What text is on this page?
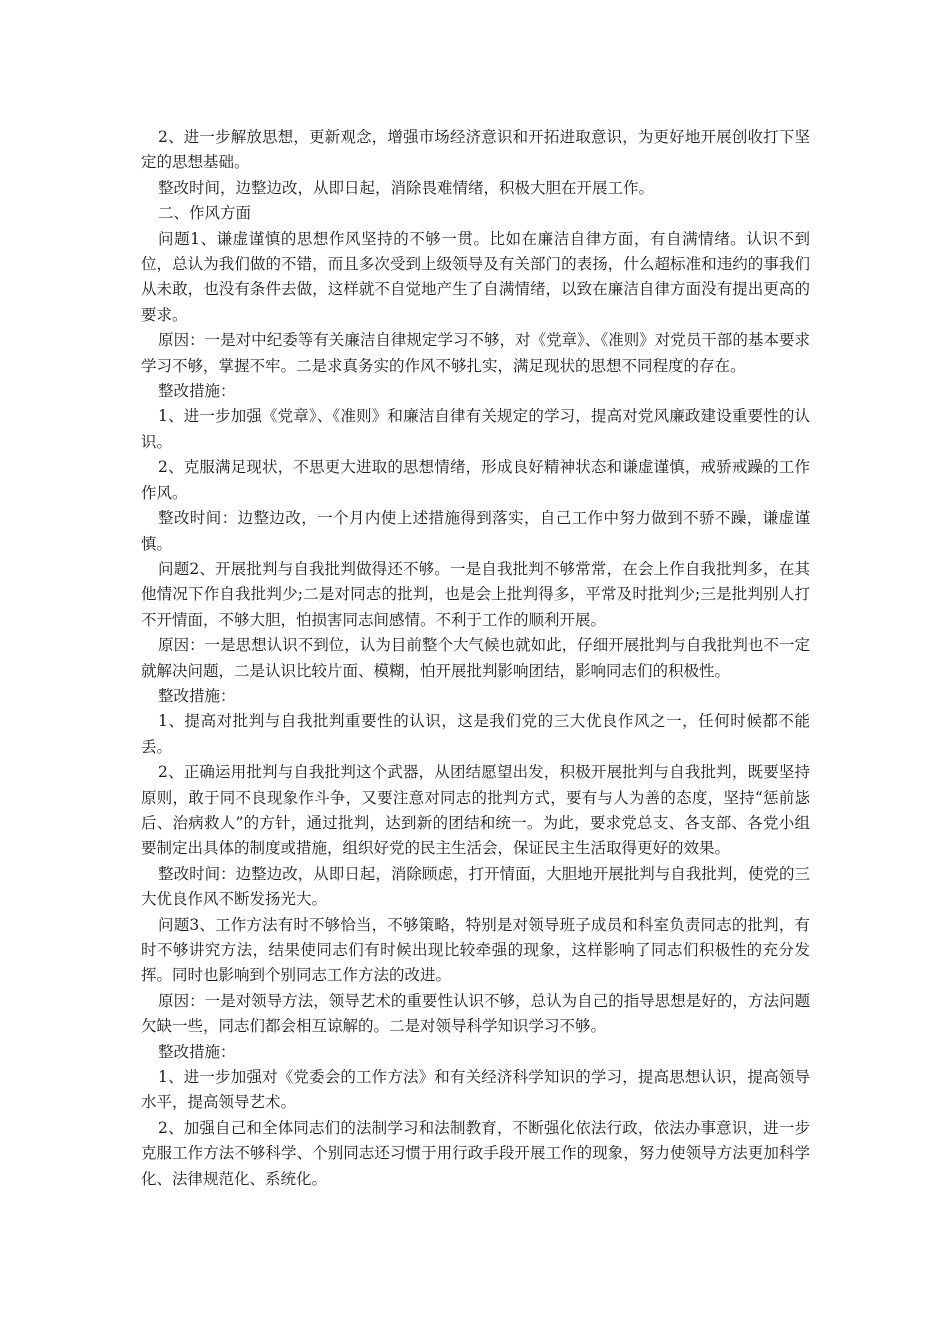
2、进一步解放思想，更新观念，增强市场经济意识和开拓进取意识，为更好地开展创收打下坚定的思想基础。

整改时间，边整边改，从即日起，消除畏难情绪，积极大胆在开展工作。

二、作风方面

问题1、谦虚谨慎的思想作风坚持的不够一贯。比如在廉洁自律方面，有自满情绪。认识不到位，总认为我们做的不错，而且多次受到上级领导及有关部门的表扬，什么超标准和违约的事我们从未敢，也没有条件去做，这样就不自觉地产生了自满情绪，以致在廉洁自律方面没有提出更高的要求。

原因：一是对中纪委等有关廉洁自律规定学习不够，对《党章》、《准则》对党员干部的基本要求学习不够，掌握不牢。二是求真务实的作风不够扎实，满足现状的思想不同程度的存在。

整改措施：

1、进一步加强《党章》、《准则》和廉洁自律有关规定的学习，提高对党风廉政建设重要性的认识。

2、克服满足现状，不思更大进取的思想情绪，形成良好精神状态和谦虚谨慎，戒骄戒躁的工作作风。

整改时间：边整边改，一个月内使上述措施得到落实，自己工作中努力做到不骄不躁，谦虚谨慎。

问题2、开展批判与自我批判做得还不够。一是自我批判不够常常，在会上作自我批判多，在其他情况下作自我批判少;二是对同志的批判，也是会上批判得多，平常及时批判少;三是批判别人打不开情面，不够大胆，怕损害同志间感情。不利于工作的顺利开展。

原因：一是思想认识不到位，认为目前整个大气候也就如此，仔细开展批判与自我批判也不一定就解决问题，二是认识比较片面、模糊，怕开展批判影响团结，影响同志们的积极性。

整改措施：

1、提高对批判与自我批判重要性的认识，这是我们党的三大优良作风之一，任何时候都不能丢。

2、正确运用批判与自我批判这个武器，从团结愿望出发，积极开展批判与自我批判，既要坚持原则，敢于同不良现象作斗争，又要注意对同志的批判方式，要有与人为善的态度，坚持“惩前毖后、治病救人”的方针，通过批判，达到新的团结和统一。为此，要求党总支、各支部、各党小组要制定出具体的制度或措施，组织好党的民主生活会，保证民主生活取得更好的效果。

整改时间：边整边改，从即日起，消除顾虑，打开情面，大胆地开展批判与自我批判，使党的三大优良作风不断发扬光大。

问题3、工作方法有时不够恰当，不够策略，特别是对领导班子成员和科室负责同志的批判，有时不够讲究方法，结果使同志们有时候出现比较牵强的现象，这样影响了同志们积极性的充分发挥。同时也影响到个别同志工作方法的改进。

原因：一是对领导方法，领导艺术的重要性认识不够，总认为自己的指导思想是好的，方法问题欠缺一些，同志们都会相互谅解的。二是对领导科学知识学习不够。

整改措施：

1、进一步加强对《党委会的工作方法》和有关经济科学知识的学习，提高思想认识，提高领导水平，提高领导艺术。

2、加强自己和全体同志们的法制学习和法制教育，不断强化依法行政，依法办事意识，进一步克服工作方法不够科学、个别同志还习惯于用行政手段开展工作的现象，努力使领导方法更加科学化、法律规范化、系统化。
